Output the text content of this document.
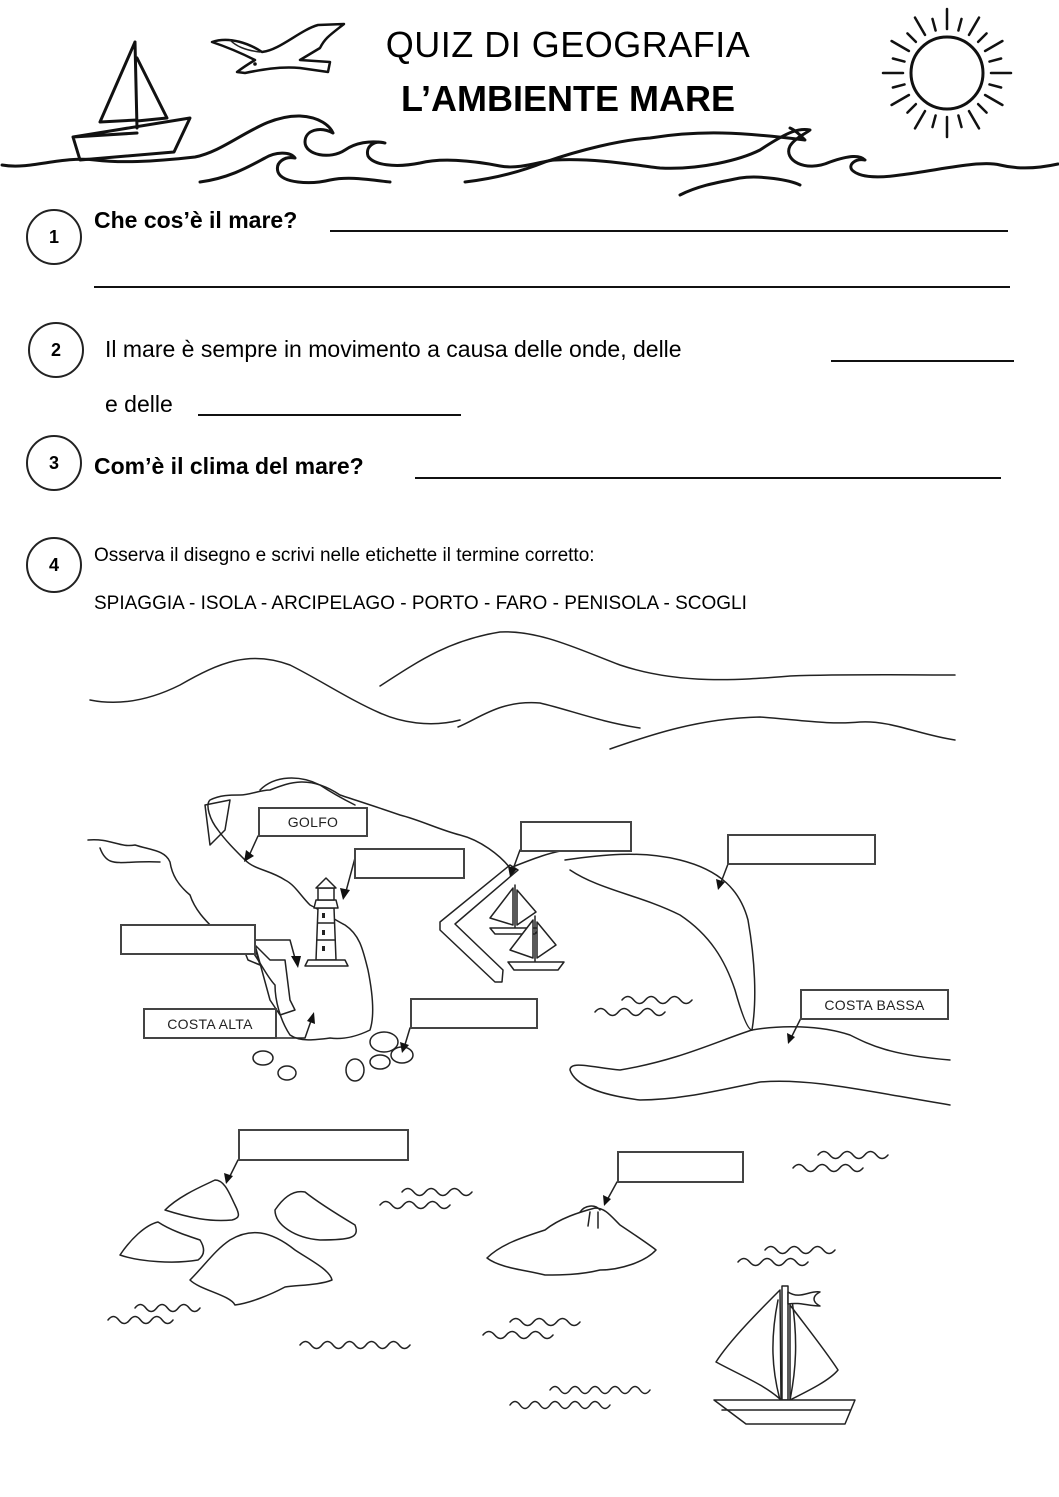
QUIZ DI GEOGRAFIA
L’AMBIENTE MARE
1
Che cos’è il mare?
2	Il mare è sempre in movimento a causa delle onde, delle
e delle
3	Com’è il clima del mare?
4	Osserva il disegno e scrivi nelle etichette il termine corretto:
SPIAGGIA - ISOLA - ARCIPELAGO - PORTO - FARO - PENISOLA - SCOGLI
GOLFO
COSTA ALTA
COSTA BASSA
